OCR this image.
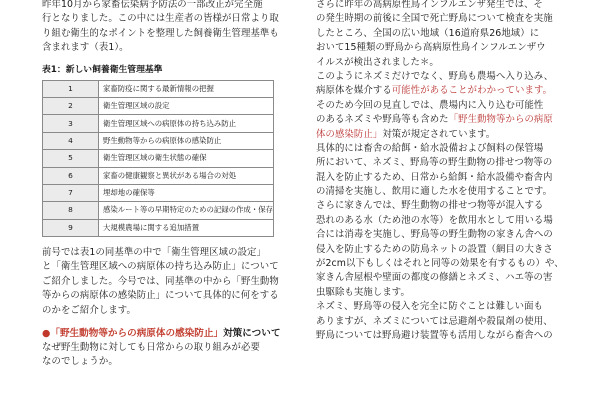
昨年10月から家畜伝染病予防法の一部改正が完全施
行となりました。この中には生産者の皆様が日常より取
り組む衛生的なポイントを整理した飼養衛生管理基準も
含まれます（表1）。
表1：新しい飼養衛生管理基準
1	家畜防疫に関する最新情報の把握
2	衛生管理区域の設定
3	衛生管理区域への病原体の持ち込み防止
4	野生動物等からの病原体の感染防止
5	衛生管理区域の衛生状態の確保
6	家畜の健康観察と異状がある場合の対処
7	埋却地の確保等
8	感染ルート等の早期特定のための記録の作成・保存
9	大規模農場に関する追加措置
前号では表1の同基準の中で「衛生管理区域の設定」
と「衛生管理区域への病原体の持ち込み防止」について
ご紹介しました。今号では、同基準の中から「野生動物
等からの病原体の感染防止」について具体的に何をする
のかをご紹介します。
●「野生動物等からの病原体の感染防止」対策について
なぜ野生動物に対しても日常からの取り組みが必要
なのでしょうか。
さらに昨年の高病原性鳥インフルエンザ発生では、そ
の発生時期の前後に全国で死亡野鳥について検査を実施
したところ、全国の広い地域（16道府県26地域）に
おいて15種類の野鳥から高病原性鳥インフルエンザウ
イルスが検出されました＊。
このようにネズミだけでなく、野鳥も農場へ入り込み、
病原体を媒介する可能性があることがわかっています。
そのため今回の見直しでは、農場内に入り込む可能性
のあるネズミや野鳥等も含めた「野生動物等からの病原
体の感染防止」対策が規定されています。
具体的には畜舎の給餌・給水設備および飼料の保管場
所において、ネズミ、野鳥等の野生動物の排せつ物等の
混入を防止するため、日常から給餌・給水設備や畜舎内
の清掃を実施し、飲用に適した水を使用することです。
さらに家きんでは、野生動物の排せつ物等が混入する
恐れのある水（ため池の水等）を飲用水として用いる場
合には消毒を実施し、野鳥等の野生動物の家きん舎への
侵入を防止するための防鳥ネットの設置（網目の大きさ
が2cm以下もしくはそれと同等の効果を有するもの）や、
家きん舎屋根や壁面の都度の修繕とネズミ、ハエ等の害
虫駆除も実施します。
ネズミ、野鳥等の侵入を完全に防ぐことは難しい面も
ありますが、ネズミについては忌避剤や殺鼠剤の使用、
野鳥については野鳥避け装置等も活用しながら畜舎への
